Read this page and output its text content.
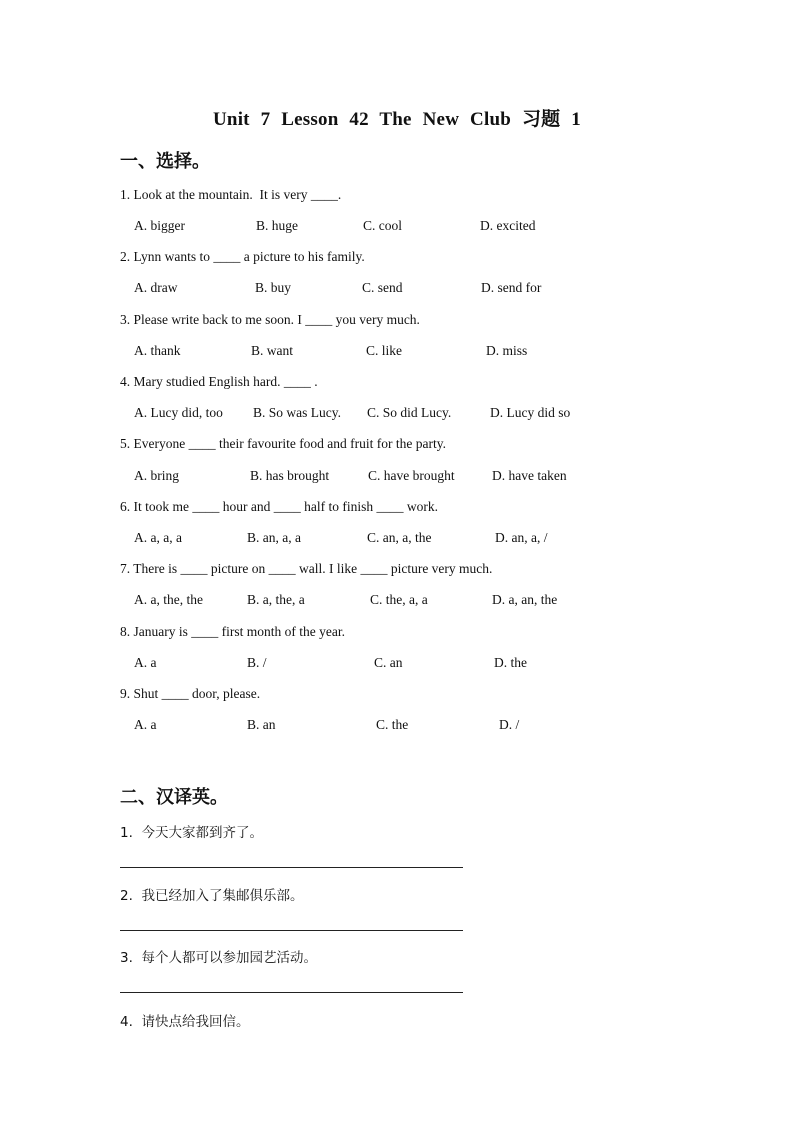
Unit 7 Lesson 42 The New Club 习题 1
一、选择。
1. Look at the mountain.  It is very ____.
A. bigger	B. huge	C. cool	D. excited
2. Lynn wants to ____ a picture to his family.
A. draw	B. buy	C. send	D. send for
3. Please write back to me soon. I ____ you very much.
A. thank	B. want	C. like	D. miss
4. Mary studied English hard. ____ .
A. Lucy did, too B. So was Lucy. C. So did Lucy.	D. Lucy did so
5. Everyone ____ their favourite food and fruit for the party.
A. bring	B. has brought	C. have brought	D. have taken
6. It took me ____ hour and ____ half to finish ____ work.
A. a, a, a	B. an, a, a	C. an, a, the	D. an, a, /
7. There is ____ picture on ____ wall. I like ____ picture very much.
A. a, the, the	B. a, the, a	C. the, a, a	D. a, an, the
8. January is ____ first month of the year.
A. a	B. /	C. an	D. the
9. Shut ____ door, please.
A. a	B. an	C. the	D. /
二、汉译英。
1.  今天大家都到齐了。
2.  我已经加入了集邮俱乐部。
3.  每个人都可以参加园艺活动。
4.  请快点给我回信。
